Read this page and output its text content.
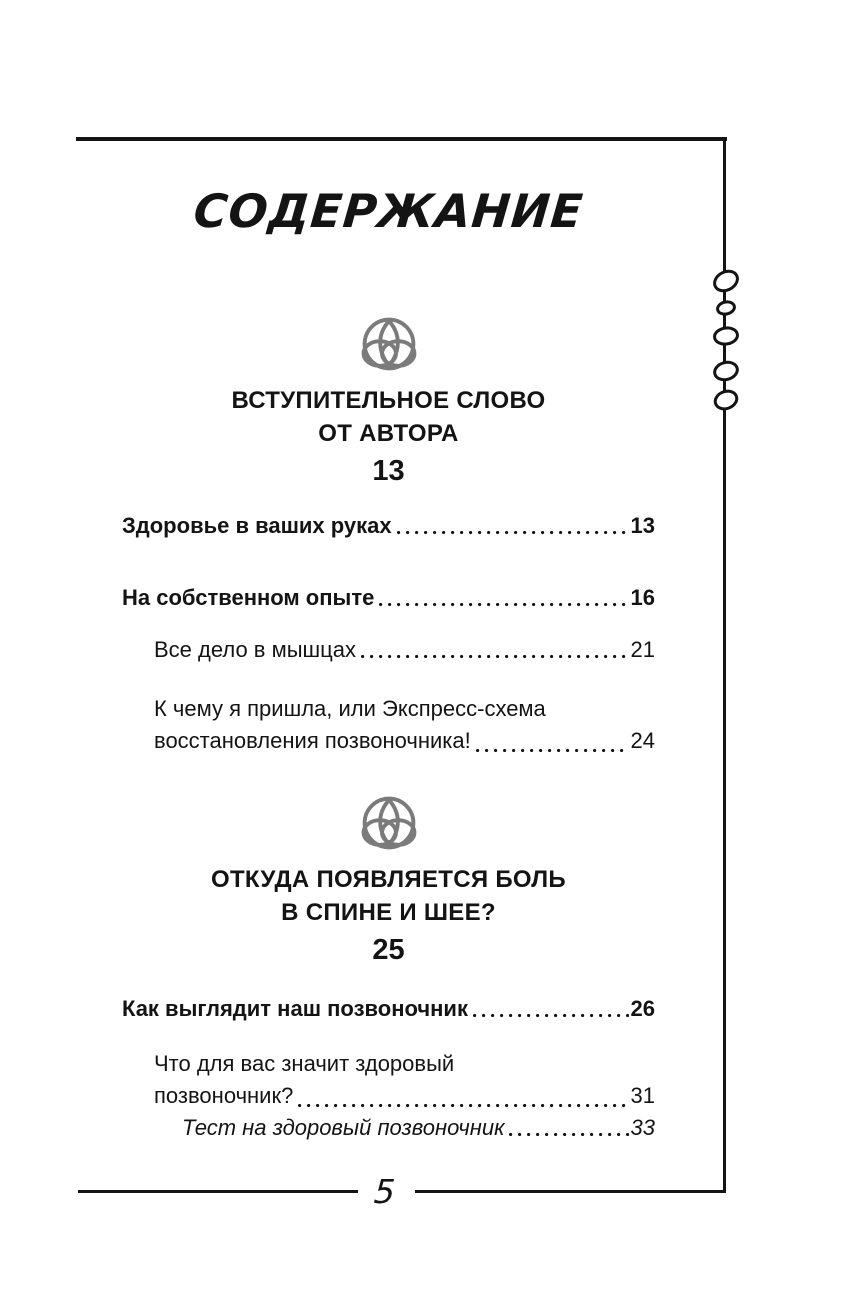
СОДЕРЖАНИЕ
ВСТУПИТЕЛЬНОЕ СЛОВО
ОТ АВТОРА
13
Здоровье в ваших руках	13
На собственном опыте	16
Все дело в мышцах	21
К чему я пришла, или Экспресс-схема
восстановления позвоночника!	24
ОТКУДА ПОЯВЛЯЕТСЯ БОЛЬ
В СПИНЕ И ШЕЕ?
25
Как выглядит наш позвоночник	26
Что для вас значит здоровый
позвоночник?	31
Тест на здоровый позвоночник	33
5
